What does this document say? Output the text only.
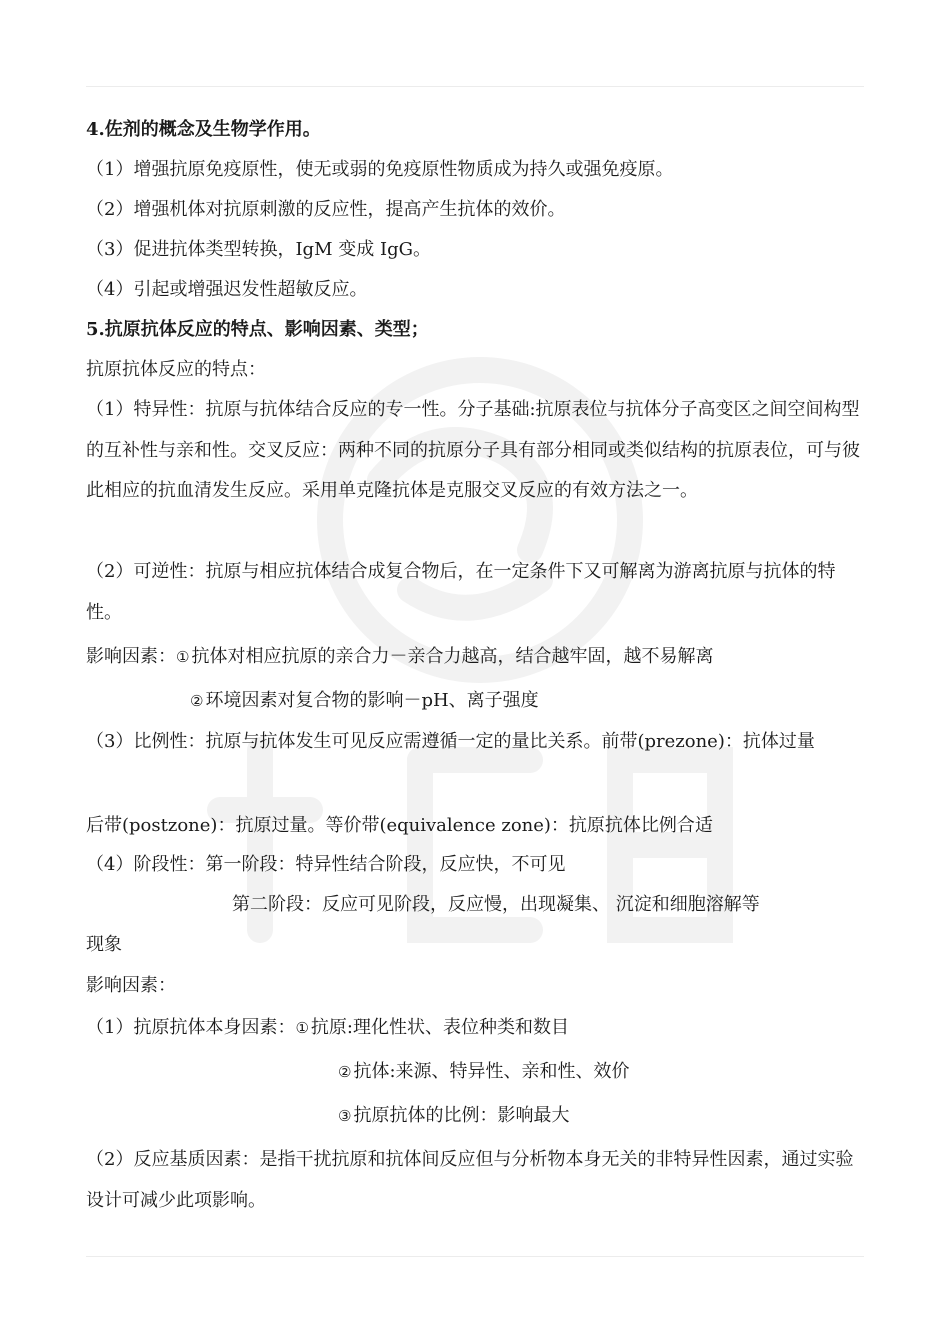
4.佐剂的概念及生物学作用。
（1）增强抗原免疫原性，使无或弱的免疫原性物质成为持久或强免疫原。
（2）增强机体对抗原刺激的反应性，提高产生抗体的效价。
（3）促进抗体类型转换，IgM 变成 IgG。
（4）引起或增强迟发性超敏反应。
5.抗原抗体反应的特点、影响因素、类型；
抗原抗体反应的特点：
（1）特异性：抗原与抗体结合反应的专一性。分子基础:抗原表位与抗体分子高变区之间空间构型的互补性与亲和性。交叉反应：两种不同的抗原分子具有部分相同或类似结构的抗原表位，可与彼此相应的抗血清发生反应。采用单克隆抗体是克服交叉反应的有效方法之一。
（2）可逆性：抗原与相应抗体结合成复合物后，在一定条件下又可解离为游离抗原与抗体的特性。
影响因素：① 抗体对相应抗原的亲合力－亲合力越高，结合越牢固，越不易解离
② 环境因素对复合物的影响－pH、离子强度
（3）比例性：抗原与抗体发生可见反应需遵循一定的量比关系。前带(prezone)：抗体过量
后带(postzone)：抗原过量。等价带(equivalence zone)：抗原抗体比例合适
（4）阶段性：第一阶段：特异性结合阶段，反应快，不可见
第二阶段：反应可见阶段，反应慢，出现凝集、 沉淀和细胞溶解等
现象
影响因素：
（1）抗原抗体本身因素：① 抗原:理化性状、表位种类和数目
② 抗体:来源、特异性、亲和性、效价
③ 抗原抗体的比例：影响最大
（2）反应基质因素：是指干扰抗原和抗体间反应但与分析物本身无关的非特异性因素，通过实验设计可减少此项影响。
